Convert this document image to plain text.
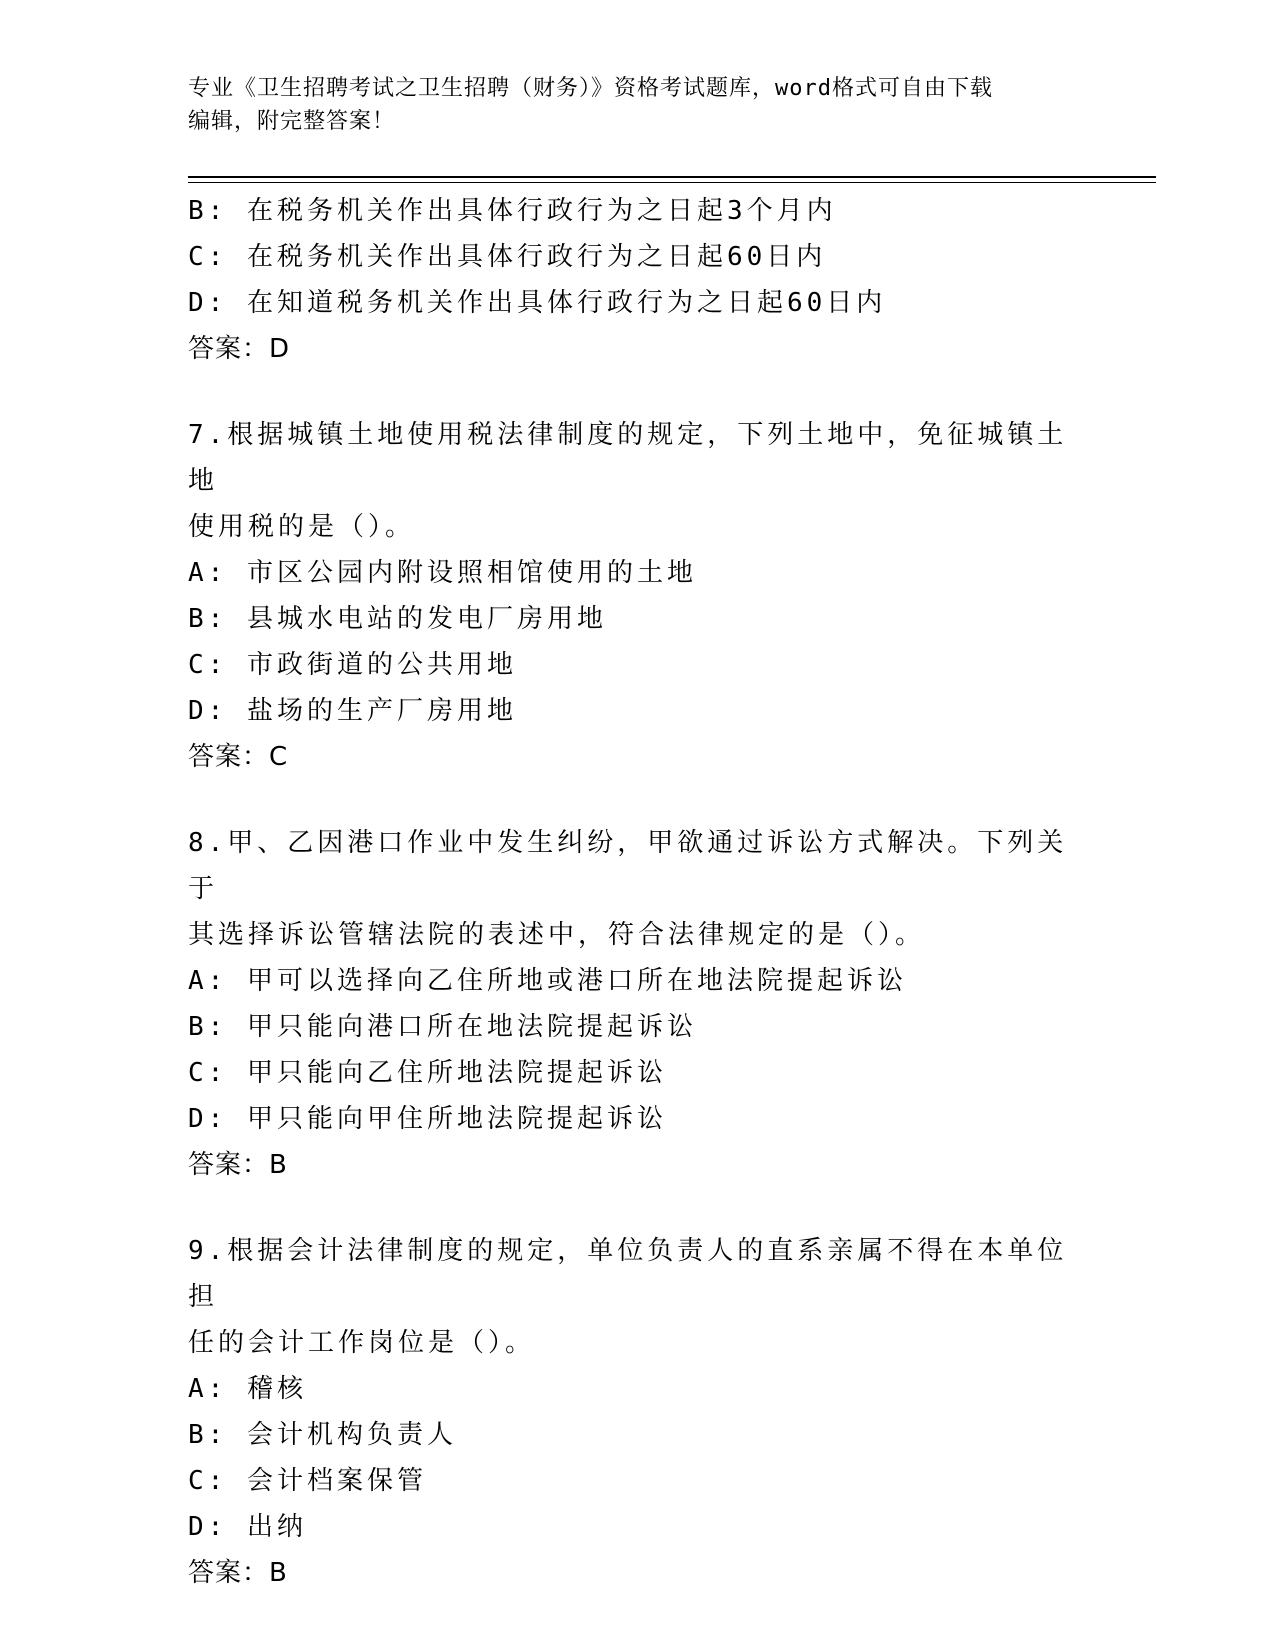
专业《卫生招聘考试之卫生招聘（财务）》资格考试题库，word格式可自由下载
编辑，附完整答案！
B: 在税务机关作出具体行政行为之日起3个月内
C: 在税务机关作出具体行政行为之日起60日内
D: 在知道税务机关作出具体行政行为之日起60日内
答案：D
7.根据城镇土地使用税法律制度的规定，下列土地中，免征城镇土地
使用税的是（）。
A: 市区公园内附设照相馆使用的土地
B: 县城水电站的发电厂房用地
C: 市政街道的公共用地
D: 盐场的生产厂房用地
答案：C
8.甲、乙因港口作业中发生纠纷，甲欲通过诉讼方式解决。下列关于
其选择诉讼管辖法院的表述中，符合法律规定的是（）。
A: 甲可以选择向乙住所地或港口所在地法院提起诉讼
B: 甲只能向港口所在地法院提起诉讼
C: 甲只能向乙住所地法院提起诉讼
D: 甲只能向甲住所地法院提起诉讼
答案：B
9.根据会计法律制度的规定，单位负责人的直系亲属不得在本单位担
任的会计工作岗位是（）。
A: 稽核
B: 会计机构负责人
C: 会计档案保管
D: 出纳
答案：B
